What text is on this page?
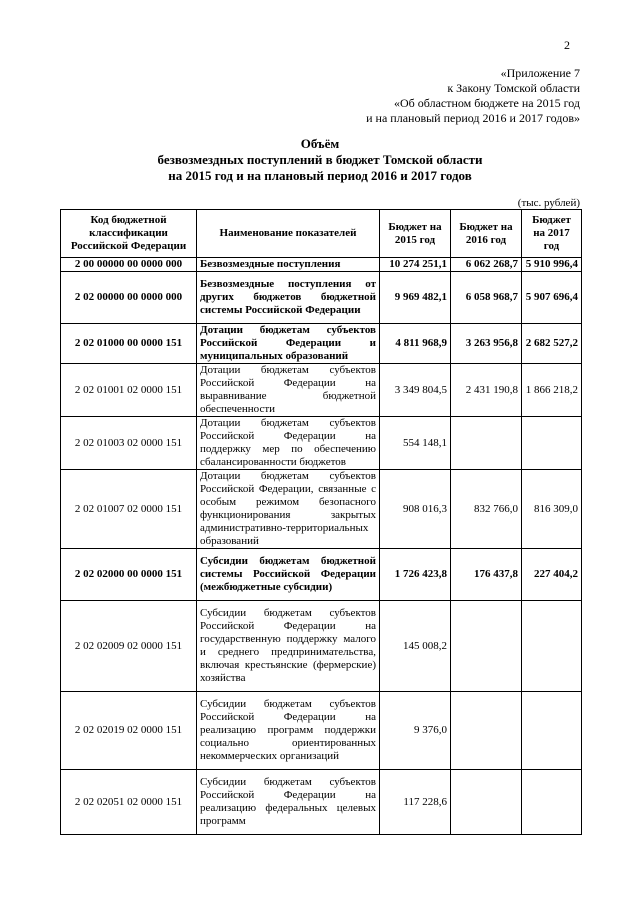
2
«Приложение 7
к Закону Томской области
«Об областном бюджете на 2015 год
и на плановый период 2016 и 2017 годов»
Объём
безвозмездных поступлений в бюджет Томской области
на 2015 год и на плановый период 2016 и 2017 годов
(тыс. рублей)
Код бюджетной классификации Российской Федерации	Наименование показателей	Бюджет на 2015 год	Бюджет на 2016 год	Бюджет на 2017 год
2 00 00000 00 0000 000	Безвозмездные поступления	10 274 251,1	6 062 268,7	5 910 996,4
2 02 00000 00 0000 000	Безвозмездные поступления от других бюджетов бюджетной системы Российской Федерации	9 969 482,1	6 058 968,7	5 907 696,4
2 02 01000 00 0000 151	Дотации бюджетам субъектов Российской Федерации и муниципальных образований	4 811 968,9	3 263 956,8	2 682 527,2
2 02 01001 02 0000 151	Дотации бюджетам субъектов Российской Федерации на выравнивание бюджетной обеспеченности	3 349 804,5	2 431 190,8	1 866 218,2
2 02 01003 02 0000 151	Дотации бюджетам субъектов Российской Федерации на поддержку мер по обеспечению сбалансированности бюджетов	554 148,1		
2 02 01007 02 0000 151	Дотации бюджетам субъектов Российской Федерации, связанные с особым режимом безопасного функционирования закрытых административно-территориальных образований	908 016,3	832 766,0	816 309,0
2 02 02000 00 0000 151	Субсидии бюджетам бюджетной системы Российской Федерации (межбюджетные субсидии)	1 726 423,8	176 437,8	227 404,2
2 02 02009 02 0000 151	Субсидии бюджетам субъектов Российской Федерации на государственную поддержку малого и среднего предпринимательства, включая крестьянские (фермерские) хозяйства	145 008,2		
2 02 02019 02 0000 151	Субсидии бюджетам субъектов Российской Федерации на реализацию программ поддержки социально ориентированных некоммерческих организаций	9 376,0		
2 02 02051 02 0000 151	Субсидии бюджетам субъектов Российской Федерации на реализацию федеральных целевых программ	117 228,6		
